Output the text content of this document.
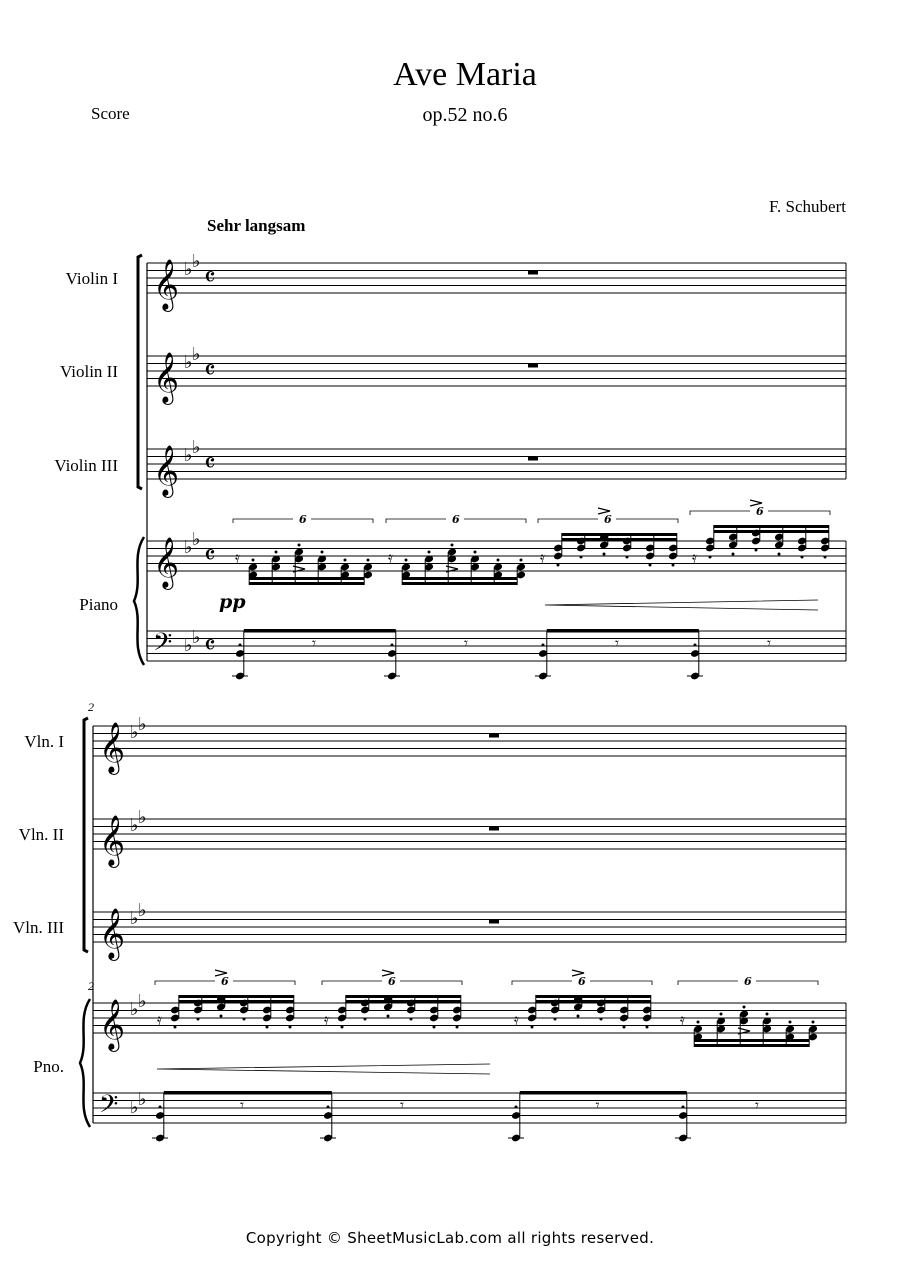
Ave Maria
op.52 no.6
Score
F. Schubert
Sehr langsam
Violin I
Violin II
Violin III
Piano
Vln. I
Vln. II
Vln. III
Pno.
2
2
Copyright © SheetMusicLab.com all rights reserved.
𝄞 ♭ ♭
𝄴
𝄞 ♭ ♭
𝄴
𝄞 ♭ ♭
𝄴
𝄞 ♭ ♭
𝄴
𝄢 ♭ ♭ 𝄴
6
𝄿
6
𝄿
6
𝄿
6
𝄿
𝄾	𝄾	𝄾	𝄾
𝄞 ♭ ♭
𝄞 ♭ ♭
𝄞 ♭ ♭
𝄞 ♭ ♭
𝄢 ♭ ♭
6
𝄿
6
𝄿
6
𝄿
6
𝄿
𝄾	𝄾	𝄾	𝄾
pp
